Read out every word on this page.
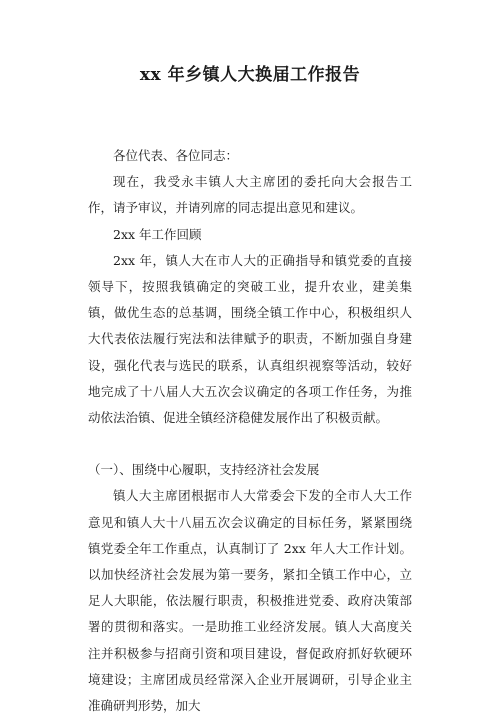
xx 年乡镇人大换届工作报告

各位代表、各位同志：

现在，我受永丰镇人大主席团的委托向大会报告工作，请予审议，并请列席的同志提出意见和建议。

2xx 年工作回顾

2xx 年，镇人大在市人大的正确指导和镇党委的直接领导下，按照我镇确定的突破工业，提升农业，建美集镇，做优生态的总基调，围绕全镇工作中心，积极组织人大代表依法履行宪法和法律赋予的职责，不断加强自身建设，强化代表与选民的联系，认真组织视察等活动，较好地完成了十八届人大五次会议确定的各项工作任务，为推动依法治镇、促进全镇经济稳健发展作出了积极贡献。

（一）、围绕中心履职，支持经济社会发展

镇人大主席团根据市人大常委会下发的全市人大工作意见和镇人大十八届五次会议确定的目标任务，紧紧围绕镇党委全年工作重点，认真制订了 2xx 年人大工作计划。以加快经济社会发展为第一要务，紧扣全镇工作中心，立足人大职能，依法履行职责，积极推进党委、政府决策部署的贯彻和落实。一是助推工业经济发展。镇人大高度关注并积极参与招商引资和项目建设，督促政府抓好软硬环境建设；主席团成员经常深入企业开展调研，引导企业主准确研判形势，加大
